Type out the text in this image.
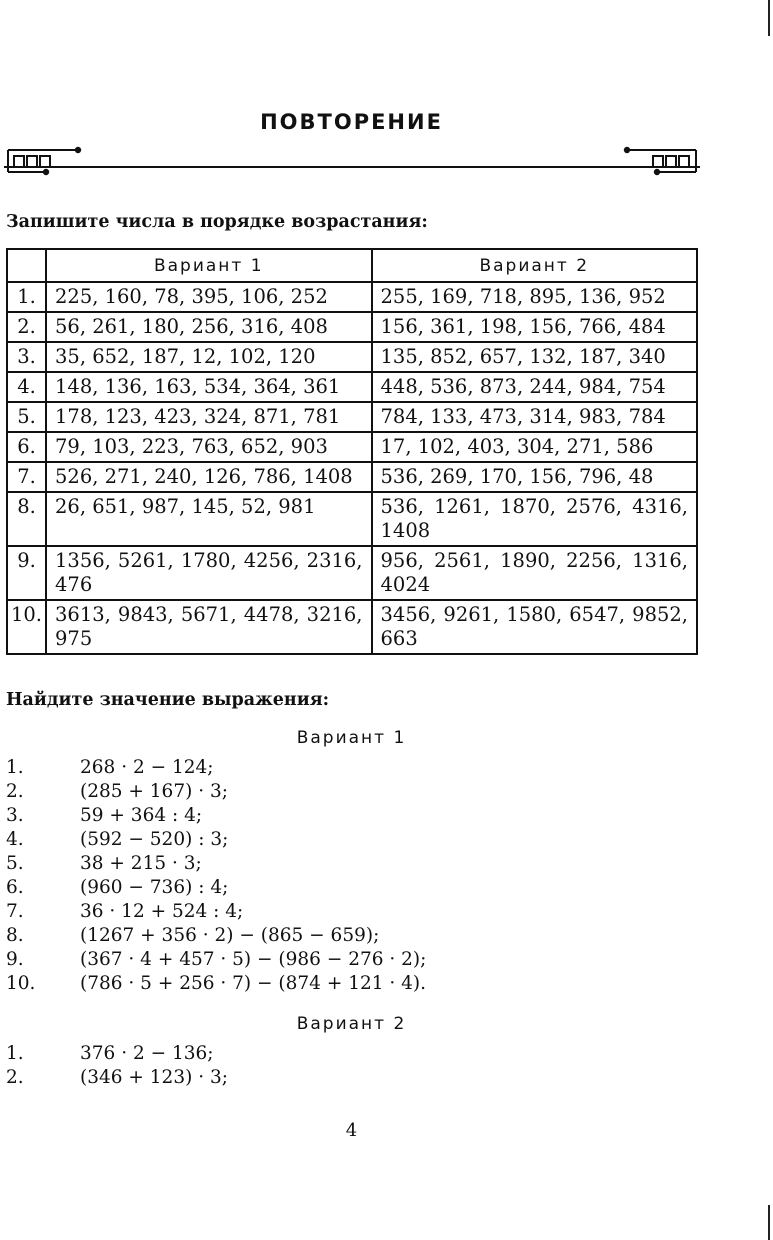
ПОВТОРЕНИЕ
Запишите числа в порядке возрастания:
	Вариант 1	Вариант 2
1.	225, 160, 78, 395, 106, 252	255, 169, 718, 895, 136, 952
2.	56, 261, 180, 256, 316, 408	156, 361, 198, 156, 766, 484
3.	35, 652, 187, 12, 102, 120	135, 852, 657, 132, 187, 340
4.	148, 136, 163, 534, 364, 361	448, 536, 873, 244, 984, 754
5.	178, 123, 423, 324, 871, 781	784, 133, 473, 314, 983, 784
6.	79, 103, 223, 763, 652, 903	17, 102, 403, 304, 271, 586
7.	526, 271, 240, 126, 786, 1408	536, 269, 170, 156, 796, 48
8.	26, 651, 987, 145, 52, 981	536, 1261, 1870, 2576, 4316, 1408
9.	1356, 5261, 1780, 4256, 2316, 476	956, 2561, 1890, 2256, 1316, 4024
10.	3613, 9843, 5671, 4478, 3216, 975	3456, 9261, 1580, 6547, 9852, 663
Найдите значение выражения:
Вариант 1
1.	268 · 2 − 124;
2.	(285 + 167) · 3;
3.	59 + 364 : 4;
4.	(592 − 520) : 3;
5.	38 + 215 · 3;
6.	(960 − 736) : 4;
7.	36 · 12 + 524 : 4;
8.	(1267 + 356 · 2) − (865 − 659);
9.	(367 · 4 + 457 · 5) − (986 − 276 · 2);
10.	(786 · 5 + 256 · 7) − (874 + 121 · 4).
Вариант 2
1.	376 · 2 − 136;
2.	(346 + 123) · 3;
4
